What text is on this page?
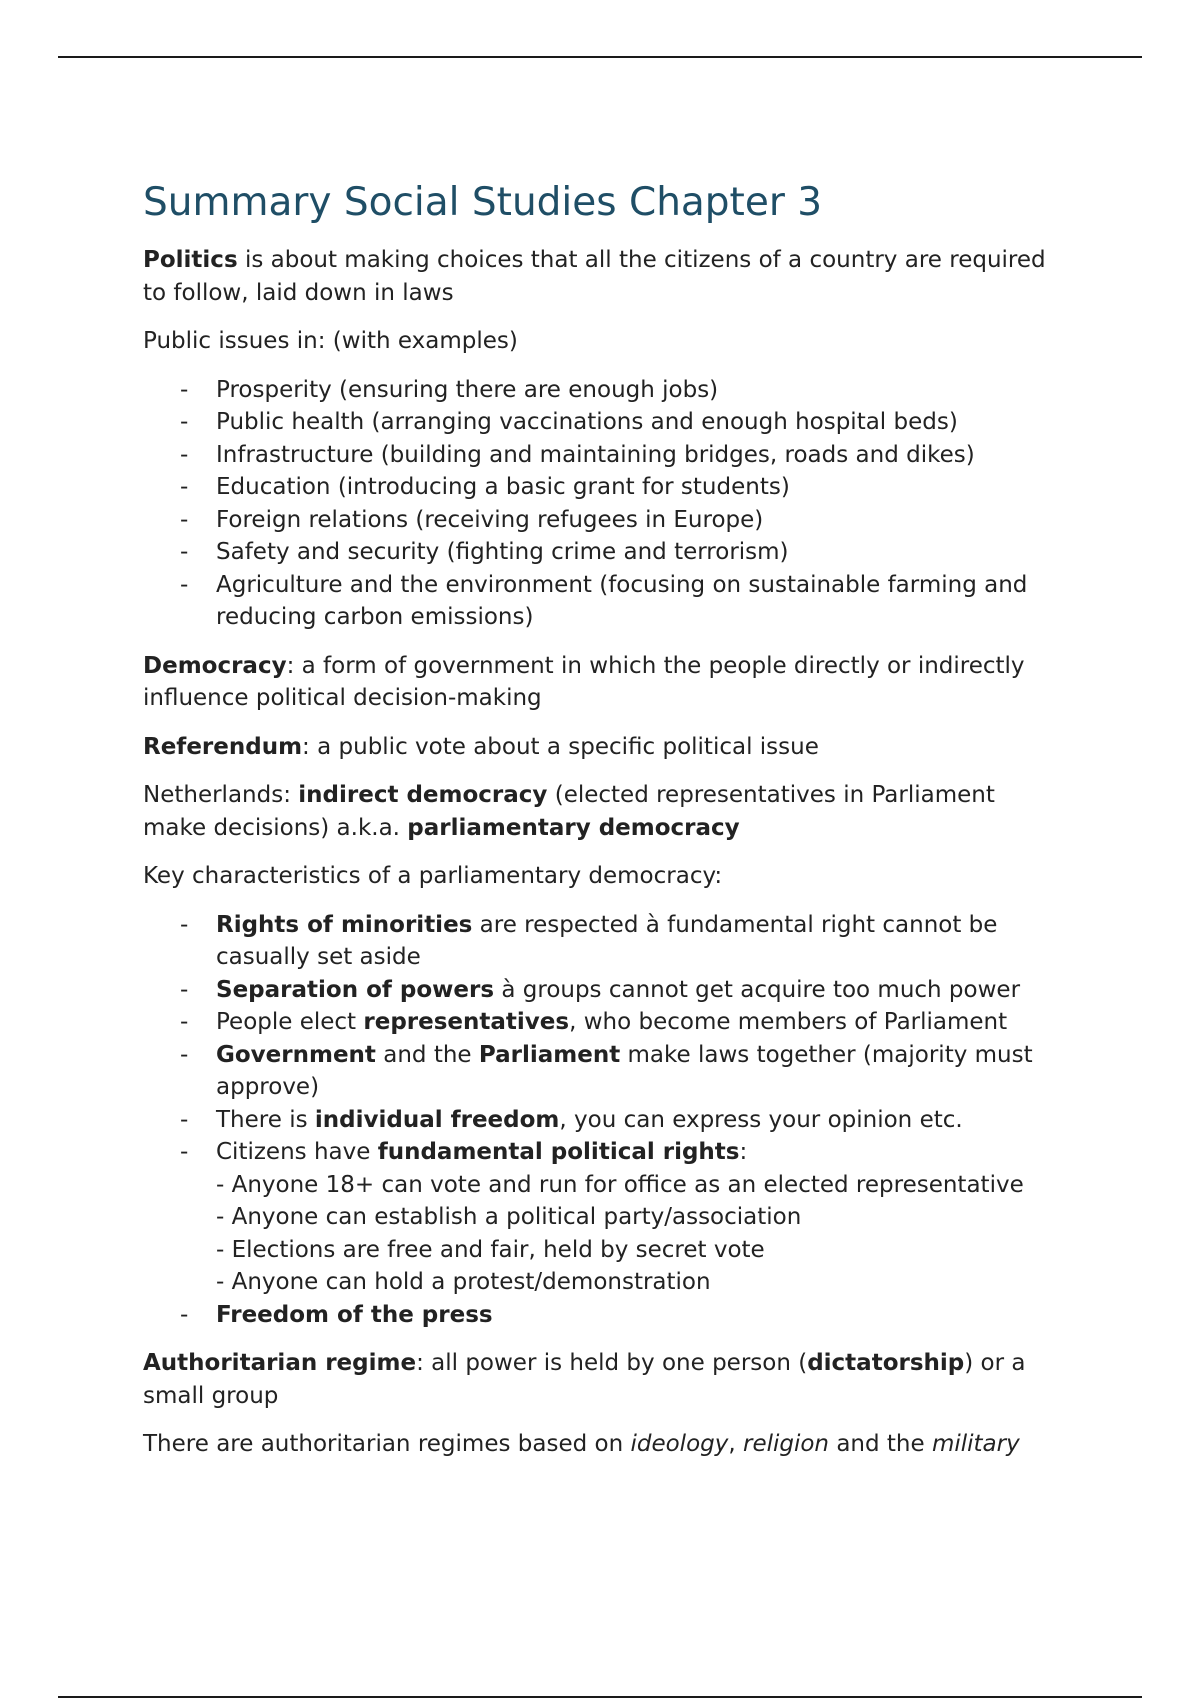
Summary Social Studies Chapter 3

Politics is about making choices that all the citizens of a country are required to follow, laid down in laws

Public issues in: (with examples)

- Prosperity (ensuring there are enough jobs)
- Public health (arranging vaccinations and enough hospital beds)
- Infrastructure (building and maintaining bridges, roads and dikes)
- Education (introducing a basic grant for students)
- Foreign relations (receiving refugees in Europe)
- Safety and security (fighting crime and terrorism)
- Agriculture and the environment (focusing on sustainable farming and reducing carbon emissions)

Democracy: a form of government in which the people directly or indirectly influence political decision-making

Referendum: a public vote about a specific political issue

Netherlands: indirect democracy (elected representatives in Parliament make decisions) a.k.a. parliamentary democracy

Key characteristics of a parliamentary democracy:

- Rights of minorities are respected à fundamental right cannot be casually set aside
- Separation of powers à groups cannot get acquire too much power
- People elect representatives, who become members of Parliament
- Government and the Parliament make laws together (majority must approve)
- There is individual freedom, you can express your opinion etc.
- Citizens have fundamental political rights:
- Anyone 18+ can vote and run for office as an elected representative
- Anyone can establish a political party/association
- Elections are free and fair, held by secret vote
- Anyone can hold a protest/demonstration
- Freedom of the press

Authoritarian regime: all power is held by one person (dictatorship) or a small group

There are authoritarian regimes based on ideology, religion and the military
